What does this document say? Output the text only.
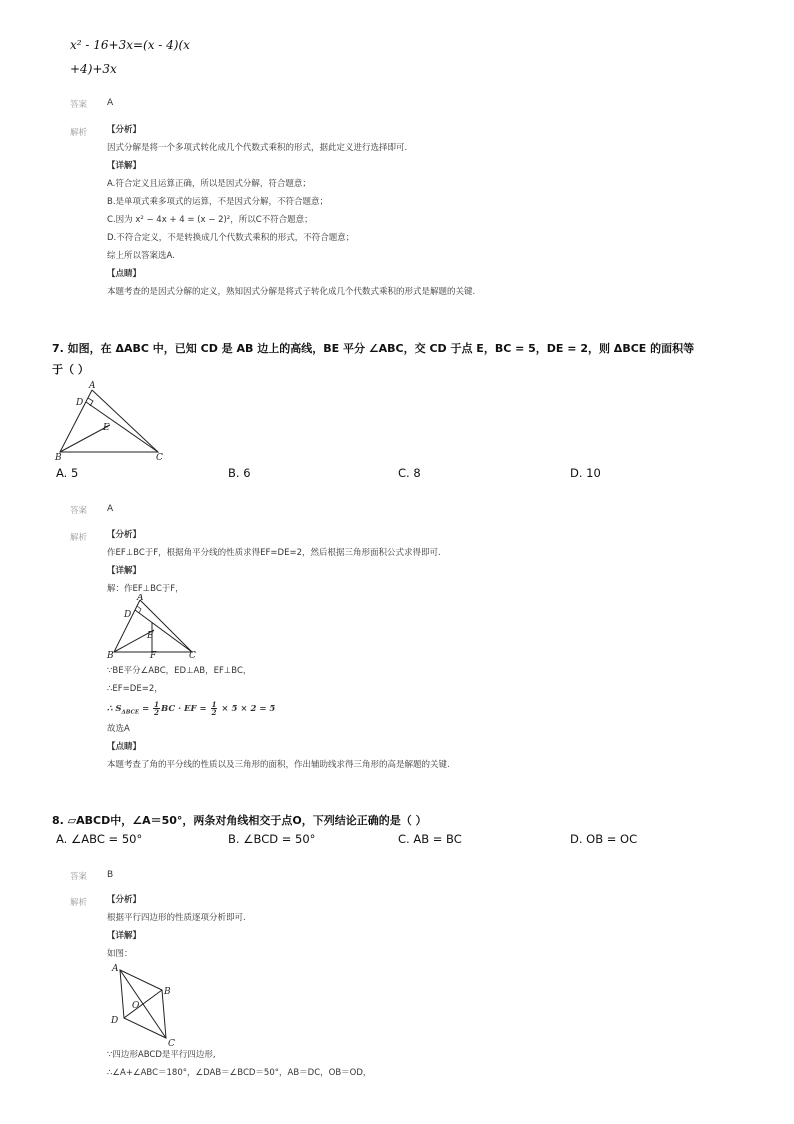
x² - 16+3x=(x - 4)(x
+4)+3x
答案 A
解析 【分析】
因式分解是将一个多项式转化成几个代数式乘积的形式，据此定义进行选择即可.
【详解】
A.符合定义且运算正确，所以是因式分解，符合题意；
B.是单项式乘多项式的运算，不是因式分解，不符合题意；
C.因为 x² − 4x + 4 = (x − 2)²，所以C不符合题意；
D.不符合定义，不是转换成几个代数式乘积的形式，不符合题意；
综上所以答案选A.
【点睛】
本题考查的是因式分解的定义，熟知因式分解是将式子转化成几个代数式乘积的形式是解题的关键.
7. 如图，在 ΔABC 中，已知 CD 是 AB 边上的高线，BE 平分 ∠ABC，交 CD 于点 E，BC = 5，DE = 2，则 ΔBCE 的面积等
于（ ）
A
D
E
B	C
A. 5	B. 6	C. 8	D. 10
答案 A
解析 【分析】
作EF⊥BC于F，根据角平分线的性质求得EF=DE=2，然后根据三角形面积公式求得即可.
【详解】
解：作EF⊥BC于F，
A
D
E
B	F	C
∵BE平分∠ABC，ED⊥AB，EF⊥BC，
∴EF=DE=2，
∴ $S_{\Delta BCE} = \frac{1}{2}$ BC · EF = $\frac{1}{2} \times 5 \times 2 = 5$
故选A
【点睛】
本题考查了角的平分线的性质以及三角形的面积，作出辅助线求得三角形的高是解题的关键.
8. ▱ABCD中，∠A＝50°，两条对角线相交于点O，下列结论正确的是（ ）
A. ∠ABC = 50°	B. ∠BCD = 50°	C. AB = BC	D. OB = OC
答案 B
解析 【分析】
根据平行四边形的性质逐项分析即可.
【详解】
如图：
A
B
O
D
C
∵四边形ABCD是平行四边形,
∴∠A+∠ABC＝180°，∠DAB＝∠BCD＝50°，AB＝DC，OB＝OD，
